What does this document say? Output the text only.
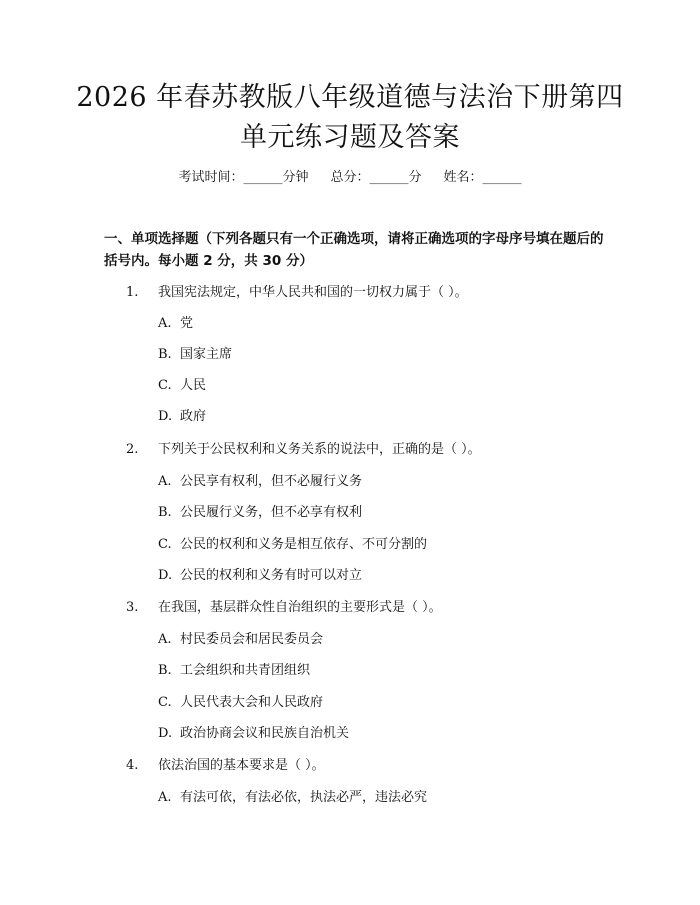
2026 年春苏教版八年级道德与法治下册第四
单元练习题及答案
考试时间：______分钟 总分：______分 姓名：______
一、单项选择题（下列各题只有一个正确选项，请将正确选项的字母序号填在题后的括号内。每小题 2 分，共 30 分）
1. 我国宪法规定，中华人民共和国的一切权力属于（ ）。
A. 党
B. 国家主席
C. 人民
D. 政府
2. 下列关于公民权利和义务关系的说法中，正确的是（ ）。
A. 公民享有权利，但不必履行义务
B. 公民履行义务，但不必享有权利
C. 公民的权利和义务是相互依存、不可分割的
D. 公民的权利和义务有时可以对立
3. 在我国，基层群众性自治组织的主要形式是（ ）。
A. 村民委员会和居民委员会
B. 工会组织和共青团组织
C. 人民代表大会和人民政府
D. 政治协商会议和民族自治机关
4. 依法治国的基本要求是（ ）。
A. 有法可依，有法必依，执法必严，违法必究
